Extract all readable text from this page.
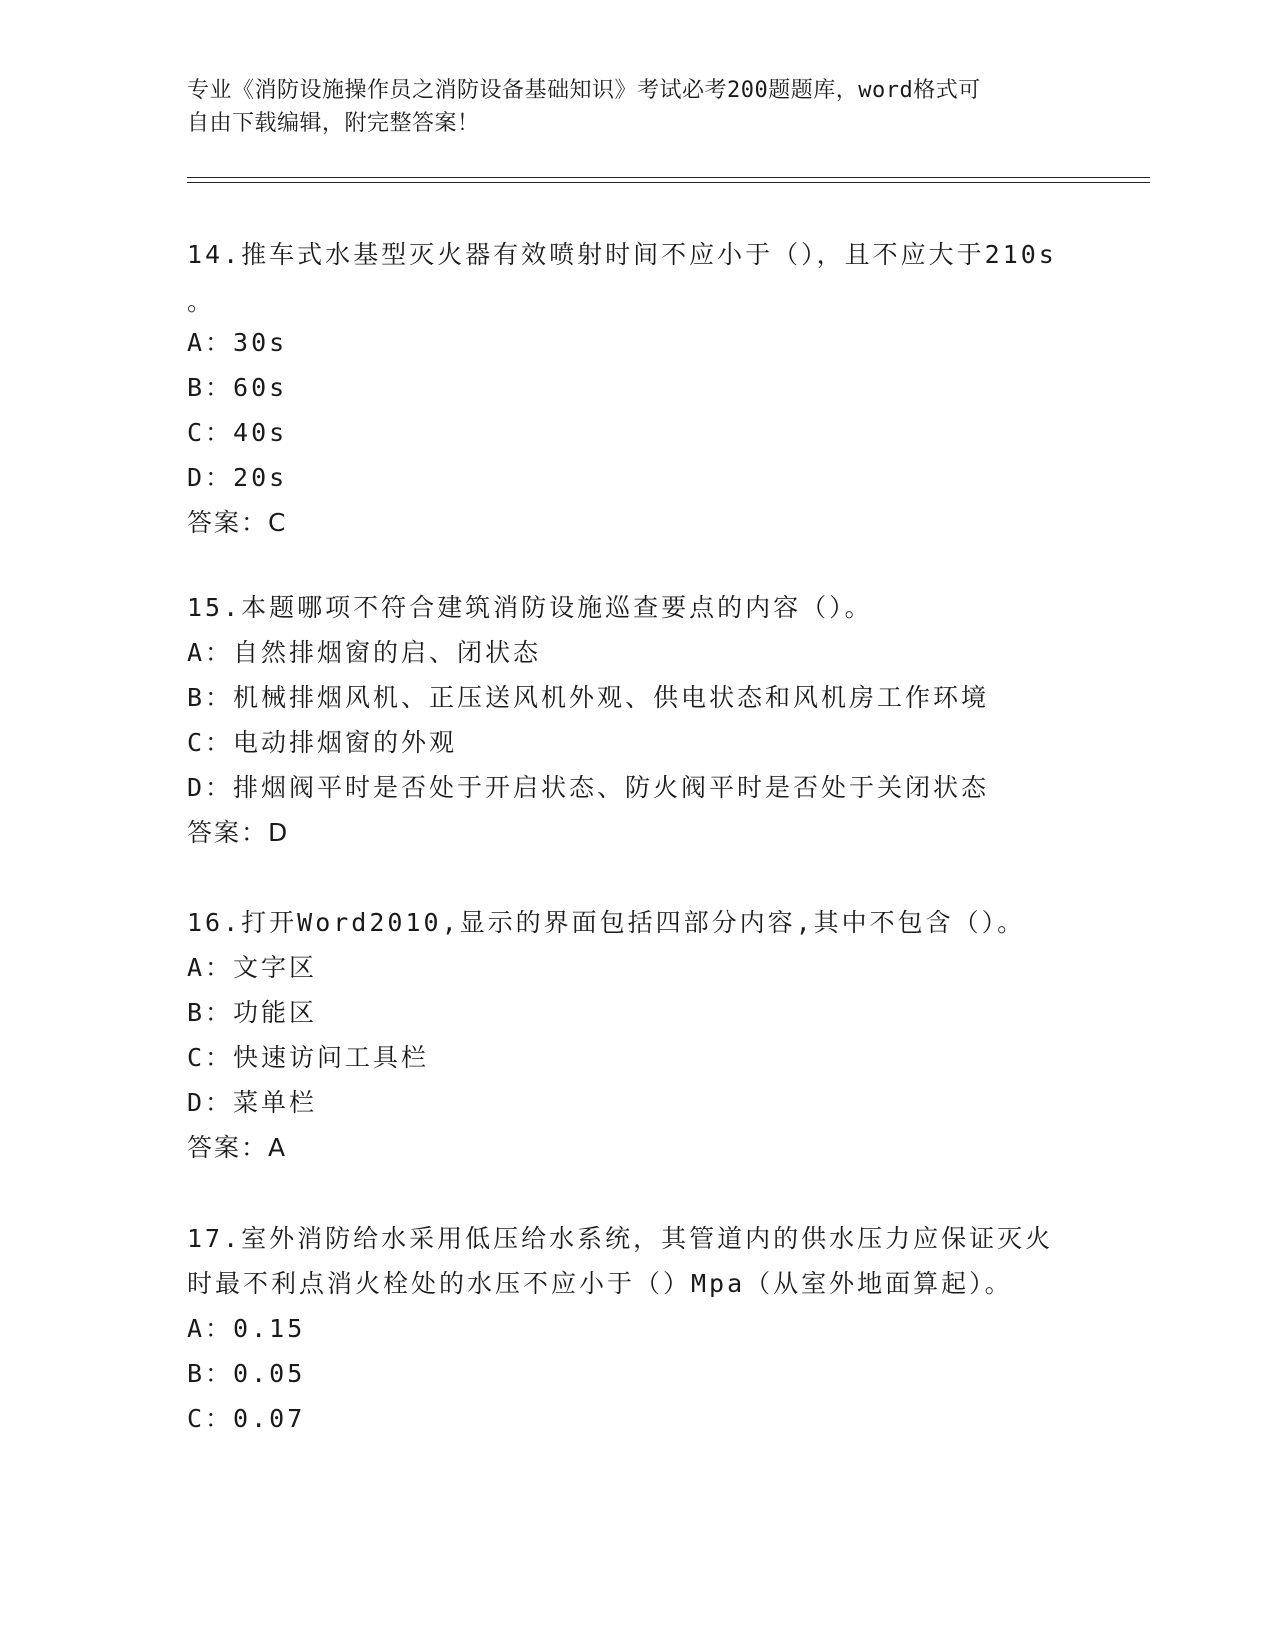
专业《消防设施操作员之消防设备基础知识》考试必考200题题库，word格式可
自由下载编辑，附完整答案！
14.推车式水基型灭火器有效喷射时间不应小于（），且不应大于210s
。
A：30s
B：60s
C：40s
D：20s
答案：C
15.本题哪项不符合建筑消防设施巡查要点的内容（）。
A：自然排烟窗的启、闭状态
B：机械排烟风机、正压送风机外观、供电状态和风机房工作环境
C：电动排烟窗的外观
D：排烟阀平时是否处于开启状态、防火阀平时是否处于关闭状态
答案：D
16.打开Word2010,显示的界面包括四部分内容,其中不包含（）。
A：文字区
B：功能区
C：快速访问工具栏
D：菜单栏
答案：A
17.室外消防给水采用低压给水系统，其管道内的供水压力应保证灭火
时最不利点消火栓处的水压不应小于（）Mpa（从室外地面算起）。
A：0.15
B：0.05
C：0.07
